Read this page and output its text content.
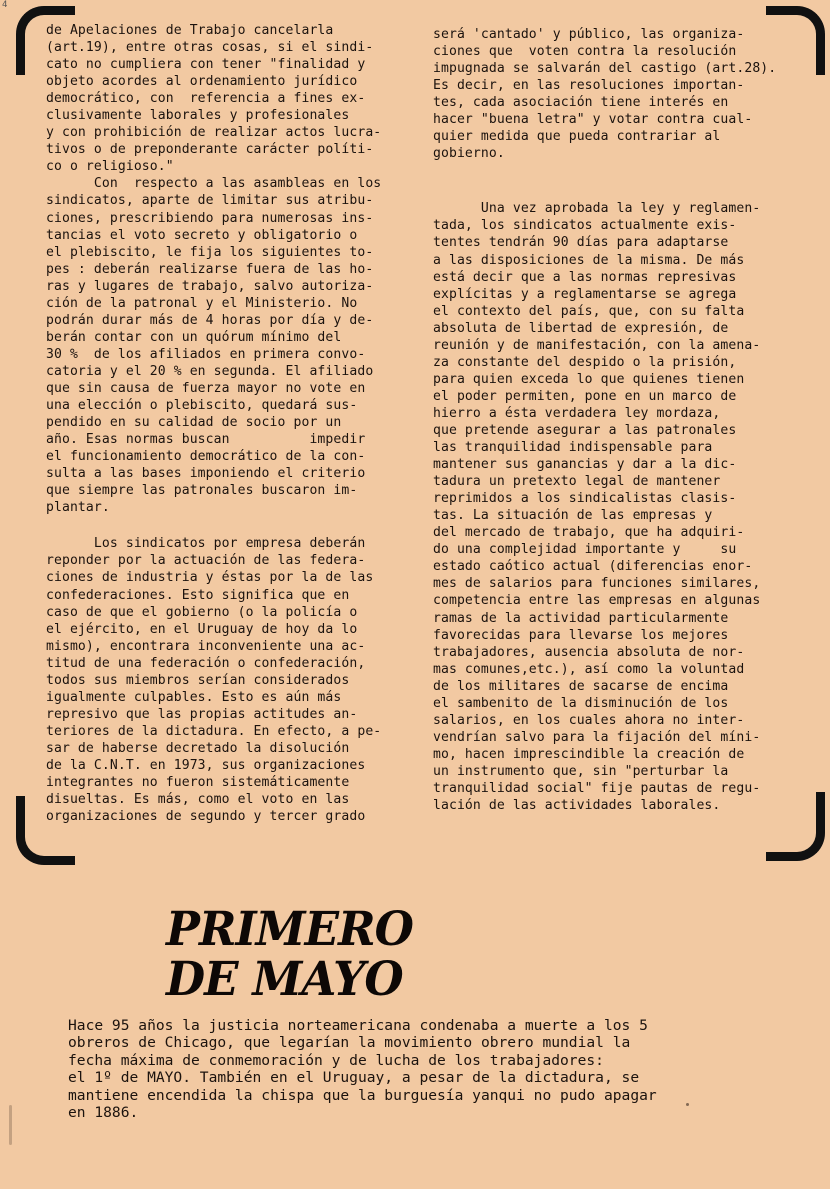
4

de Apelaciones de Trabajo cancelarla
(art.19), entre otras cosas, si el sindi-
cato no cumpliera con tener "finalidad y
objeto acordes al ordenamiento jurídico
democrático, con  referencia a fines ex-
clusivamente laborales y profesionales
y con prohibición de realizar actos lucra-
tivos o de preponderante carácter políti-
co o religioso."

Con  respecto a las asambleas en los
sindicatos, aparte de limitar sus atribu-
ciones, prescribiendo para numerosas ins-
tancias el voto secreto y obligatorio o
el plebiscito, le fija los siguientes to-
pes : deberán realizarse fuera de las ho-
ras y lugares de trabajo, salvo autoriza-
ción de la patronal y el Ministerio. No
podrán durar más de 4 horas por día y de-
berán contar con un quórum mínimo del
30 %  de los afiliados en primera convo-
catoria y el 20 % en segunda. El afiliado
que sin causa de fuerza mayor no vote en
una elección o plebiscito, quedará sus-
pendido en su calidad de socio por un
año. Esas normas buscan          impedir
el funcionamiento democrático de la con-
sulta a las bases imponiendo el criterio
que siempre las patronales buscaron im-
plantar.

Los sindicatos por empresa deberán
reponder por la actuación de las federa-
ciones de industria y éstas por la de las
confederaciones. Esto significa que en
caso de que el gobierno (o la policía o
el ejército, en el Uruguay de hoy da lo
mismo), encontrara inconveniente una ac-
titud de una federación o confederación,
todos sus miembros serían considerados
igualmente culpables. Esto es aún más
represivo que las propias actitudes an-
teriores de la dictadura. En efecto, a pe-
sar de haberse decretado la disolución
de la C.N.T. en 1973, sus organizaciones
integrantes no fueron sistemáticamente
disueltas. Es más, como el voto en las
organizaciones de segundo y tercer grado

será 'cantado' y público, las organiza-
ciones que  voten contra la resolución
impugnada se salvarán del castigo (art.28).
Es decir, en las resoluciones importan-
tes, cada asociación tiene interés en
hacer "buena letra" y votar contra cual-
quier medida que pueda contrariar al
gobierno.

Una vez aprobada la ley y reglamen-
tada, los sindicatos actualmente exis-
tentes tendrán 90 días para adaptarse
a las disposiciones de la misma. De más
está decir que a las normas represivas
explícitas y a reglamentarse se agrega
el contexto del país, que, con su falta
absoluta de libertad de expresión, de
reunión y de manifestación, con la amena-
za constante del despido o la prisión,
para quien exceda lo que quienes tienen
el poder permiten, pone en un marco de
hierro a ésta verdadera ley mordaza,
que pretende asegurar a las patronales
las tranquilidad indispensable para
mantener sus ganancias y dar a la dic-
tadura un pretexto legal de mantener
reprimidos a los sindicalistas clasis-
tas. La situación de las empresas y
del mercado de trabajo, que ha adquiri-
do una complejidad importante y     su
estado caótico actual (diferencias enor-
mes de salarios para funciones similares,
competencia entre las empresas en algunas
ramas de la actividad particularmente
favorecidas para llevarse los mejores
trabajadores, ausencia absoluta de nor-
mas comunes,etc.), así como la voluntad
de los militares de sacarse de encima
el sambenito de la disminución de los
salarios, en los cuales ahora no inter-
vendrían salvo para la fijación del míni-
mo, hacen imprescindible la creación de
un instrumento que, sin "perturbar la
tranquilidad social" fije pautas de regu-
lación de las actividades laborales.

PRIMERO
DE MAYO
Hace 95 años la justicia norteamericana condenaba a muerte a los 5
obreros de Chicago, que legarían la movimiento obrero mundial la
fecha máxima de conmemoración y de lucha de los trabajadores:
el 1º de MAYO. También en el Uruguay, a pesar de la dictadura, se
mantiene encendida la chispa que la burguesía yanqui no pudo apagar
en 1886.
